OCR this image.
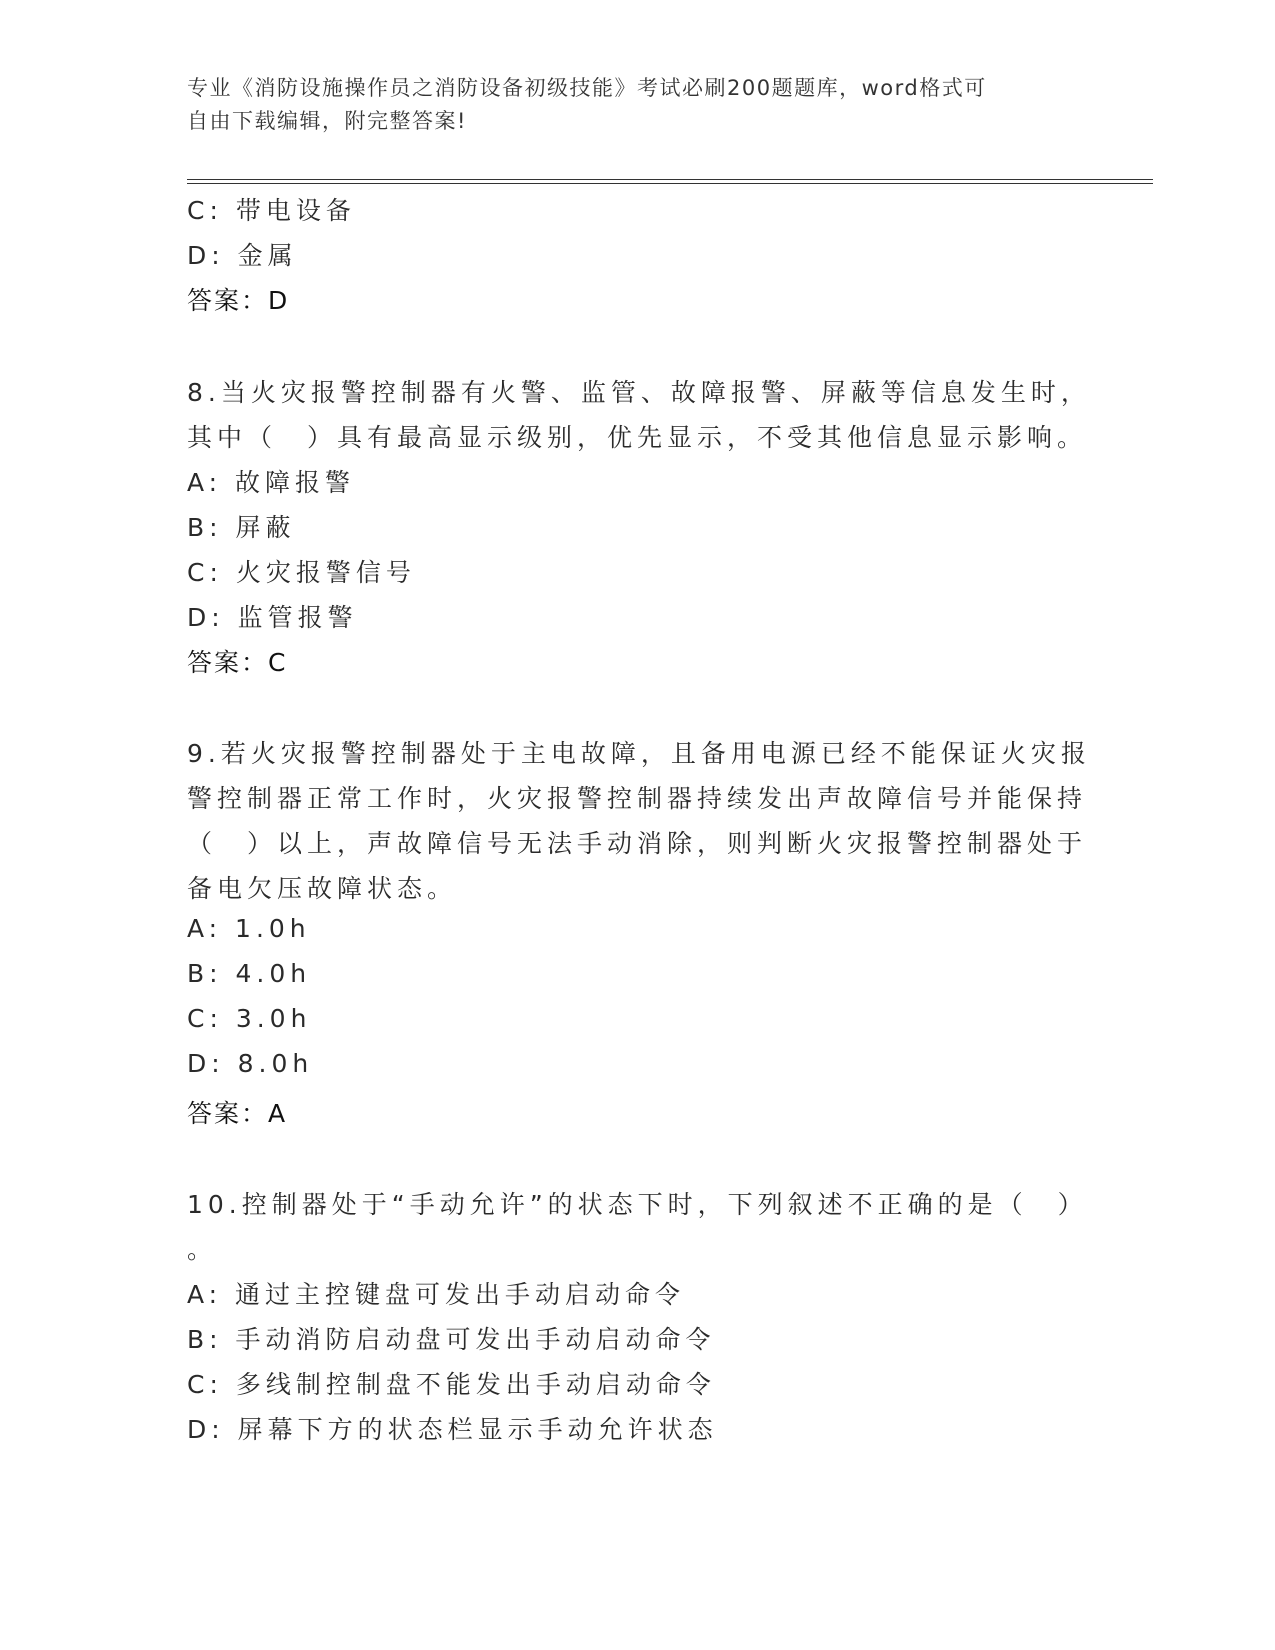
专业《消防设施操作员之消防设备初级技能》考试必刷200题题库，word格式可
自由下载编辑，附完整答案!
C: 带电设备
D: 金属
答案：D
8.当火灾报警控制器有火警、监管、故障报警、屏蔽等信息发生时，
其中（　）具有最高显示级别，优先显示，不受其他信息显示影响。
A: 故障报警
B: 屏蔽
C: 火灾报警信号
D: 监管报警
答案：C
9.若火灾报警控制器处于主电故障，且备用电源已经不能保证火灾报
警控制器正常工作时，火灾报警控制器持续发出声故障信号并能保持
（　）以上，声故障信号无法手动消除，则判断火灾报警控制器处于
备电欠压故障状态。
A: 1.0h
B: 4.0h
C: 3.0h
D: 8.0h
答案：A
10.控制器处于“手动允许”的状态下时，下列叙述不正确的是（　）
。
A: 通过主控键盘可发出手动启动命令
B: 手动消防启动盘可发出手动启动命令
C: 多线制控制盘不能发出手动启动命令
D: 屏幕下方的状态栏显示手动允许状态
